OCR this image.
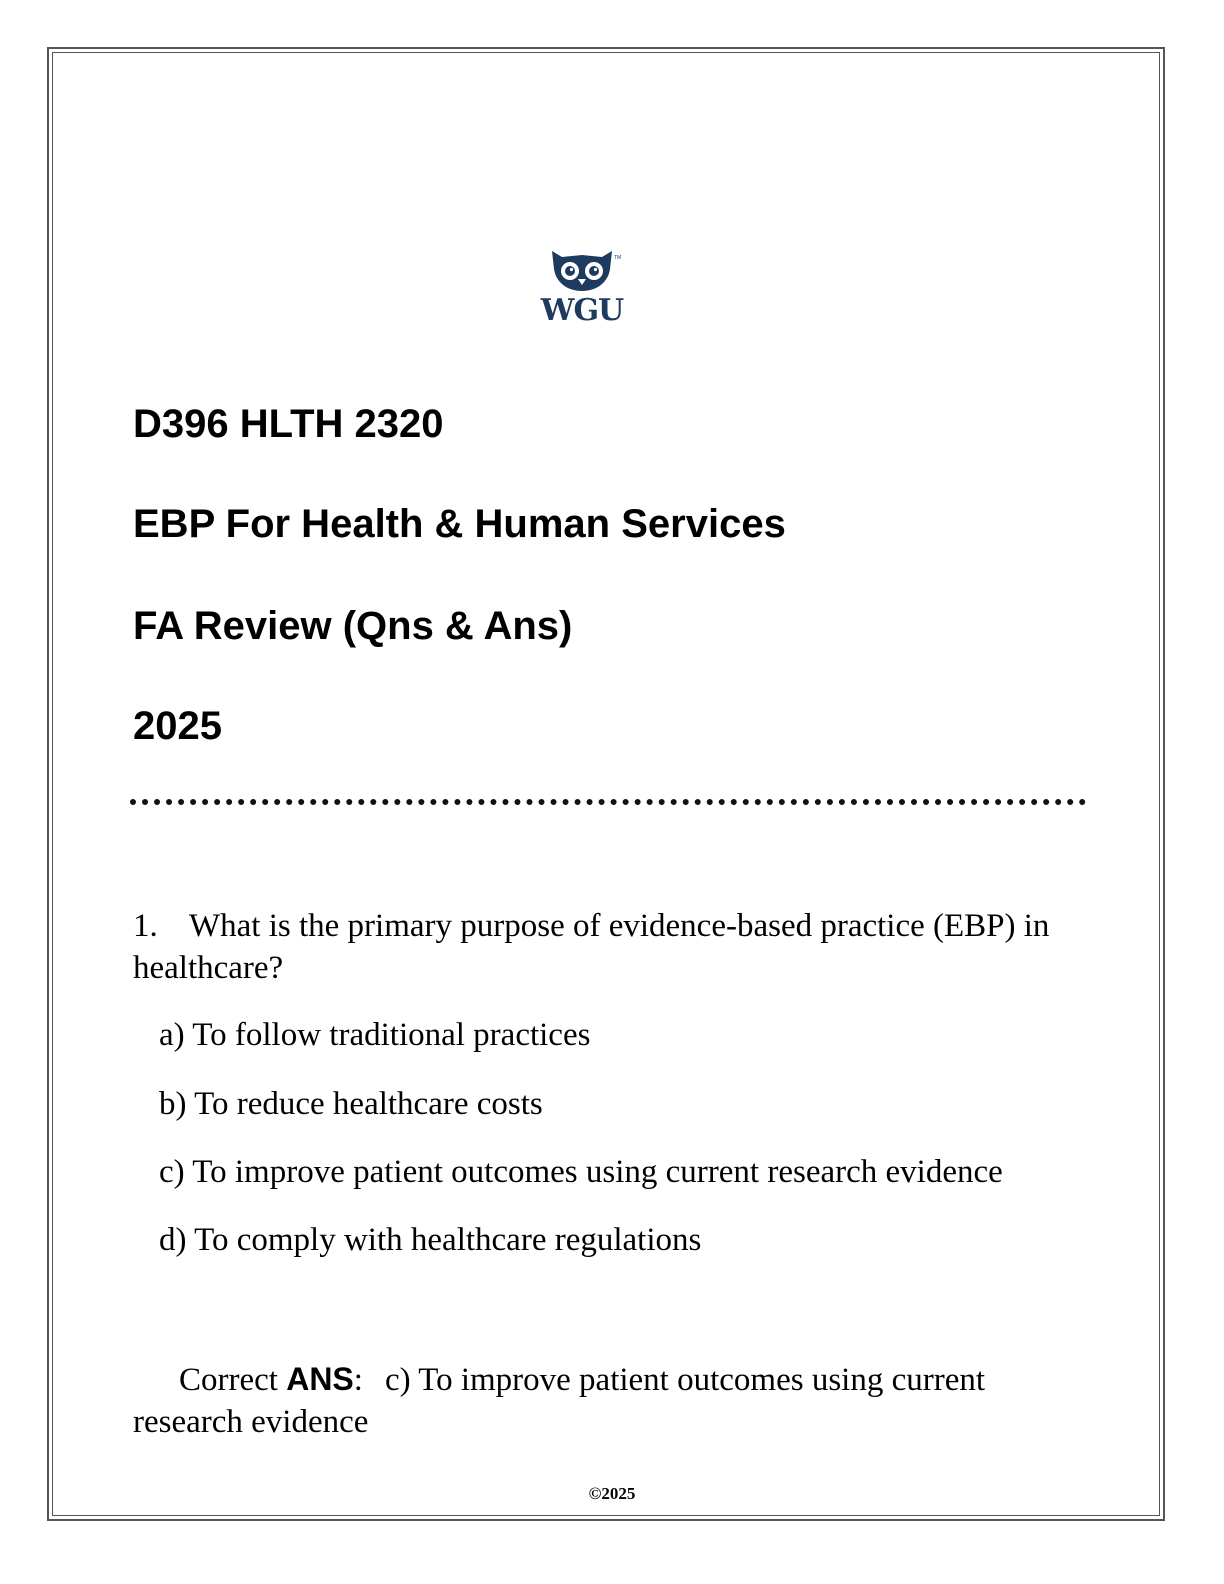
TM
WGU
D396 HLTH 2320
EBP For Health & Human Services
FA Review (Qns & Ans)
2025
1. What is the primary purpose of evidence-based practice (EBP) in healthcare?
a) To follow traditional practices
b) To reduce healthcare costs
c) To improve patient outcomes using current research evidence
d) To comply with healthcare regulations
Correct ANS: c) To improve patient outcomes using current research evidence
©2025
